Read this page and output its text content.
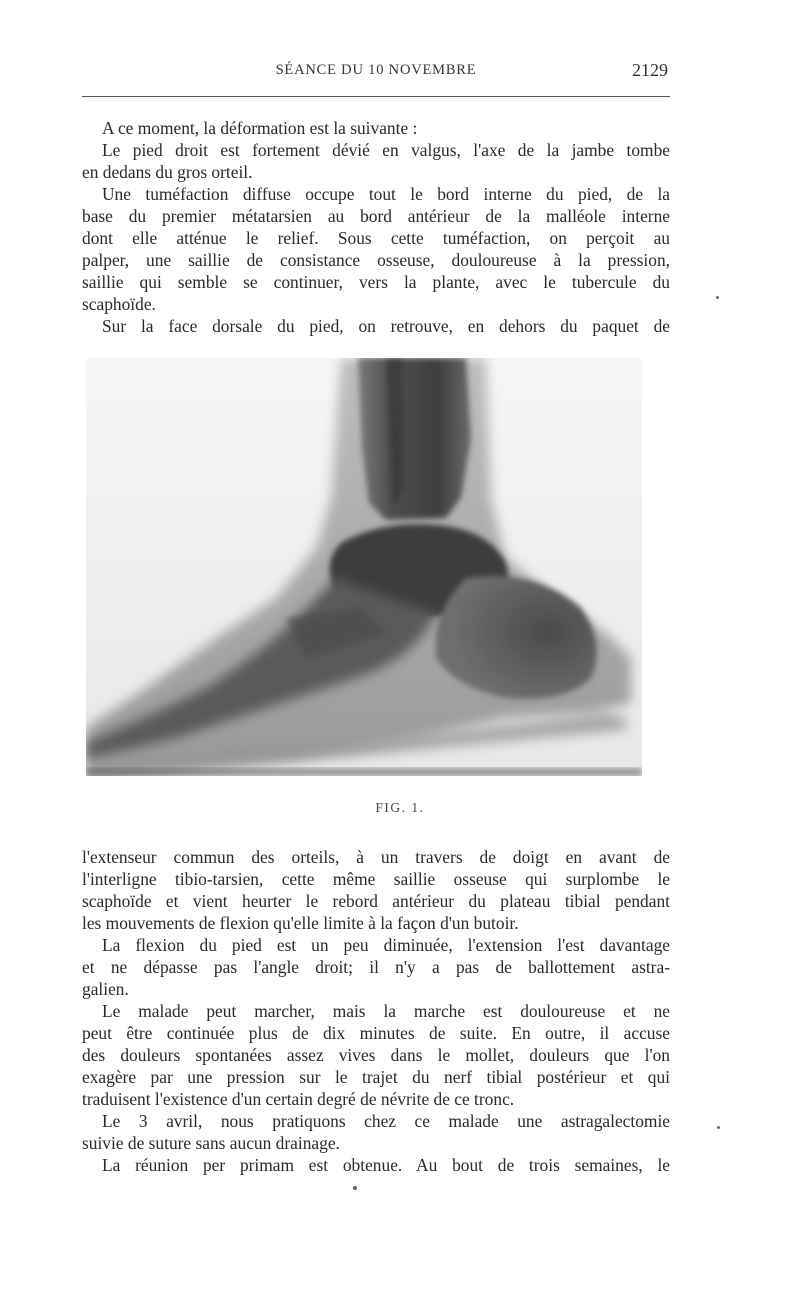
SÉANCE DU 10 NOVEMBRE	2129
A ce moment, la déformation est la suivante :
Le pied droit est fortement dévié en valgus, l'axe de la jambe tombe
en dedans du gros orteil.
Une tuméfaction diffuse occupe tout le bord interne du pied, de la
base du premier métatarsien au bord antérieur de la malléole interne
dont elle atténue le relief. Sous cette tuméfaction, on perçoit au
palper, une saillie de consistance osseuse, douloureuse à la pression,
saillie qui semble se continuer, vers la plante, avec le tubercule du
scaphoïde.
Sur la face dorsale du pied, on retrouve, en dehors du paquet de
FIG. 1.
l'extenseur commun des orteils, à un travers de doigt en avant de
l'interligne tibio-tarsien, cette même saillie osseuse qui surplombe le
scaphoïde et vient heurter le rebord antérieur du plateau tibial pendant
les mouvements de flexion qu'elle limite à la façon d'un butoir.
La flexion du pied est un peu diminuée, l'extension l'est davantage
et ne dépasse pas l'angle droit; il n'y a pas de ballottement astra-
galien.
Le malade peut marcher, mais la marche est douloureuse et ne
peut être continuée plus de dix minutes de suite. En outre, il accuse
des douleurs spontanées assez vives dans le mollet, douleurs que l'on
exagère par une pression sur le trajet du nerf tibial postérieur et qui
traduisent l'existence d'un certain degré de névrite de ce tronc.
Le 3 avril, nous pratiquons chez ce malade une astragalectomie
suivie de suture sans aucun drainage.
La réunion per primam est obtenue. Au bout de trois semaines, le
